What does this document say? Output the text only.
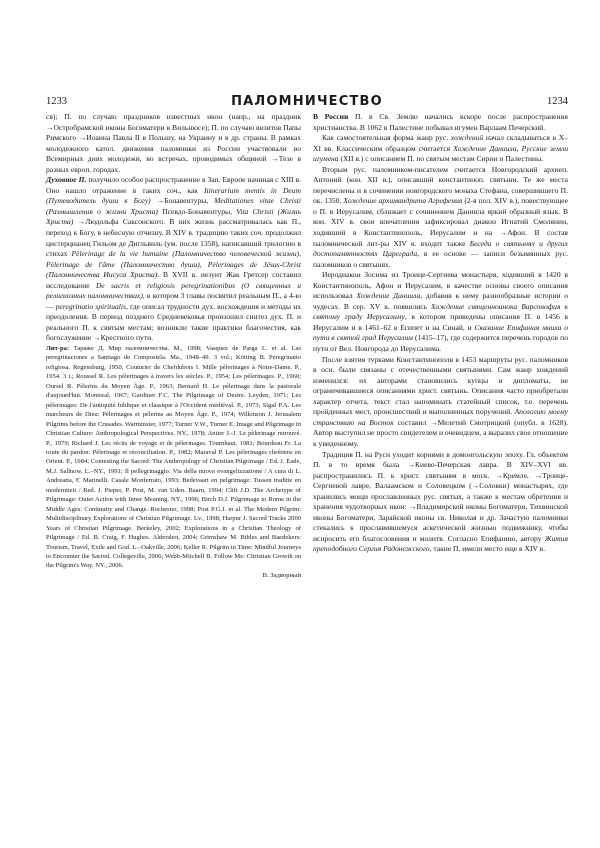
1233	ПАЛОМНИЧЕСТВО	1234

ся); П. по случаю праздников известных икон (напр., на праздник →Остробрамской иконы Богоматери в Вильнюсе); П. по случаю визитов Папы Римского →Иоанна Павла II в Польшу, на Украину и в др. страны. В рамках молодежного катол. движения паломники из России участвовали во Всемирных днях молодежи, во встречах, проводимых общиной →Тезе в разных европ. городах.

Духовное П. получило особое распространение в Зап. Европе начиная с XIII в. Оно нашло отражение в таких соч., как Itinerarium mentis in Deum (Путеводитель души к Богу) →Бонавентуры, Meditationes vitae Christi (Размышления о жизни Христа) Псевдо-Бонавентуры, Vita Christi (Жизнь Христа) →Людольфа Саксонского. В них жизнь рассматривалась как П., переход к Богу, в небесную отчизну. В XIV в. традицию таких соч. продолжил цистерцианец Гильом де Дигльвиль (ум. после 1358), написавший трилогию в стихах Pèlerinage de la vie humaine (Паломничество человеческой жизни), Pèlerinage de l'âme (Паломничество души), Pèlerinages de Jésus-Christ (Паломничества Иисуса Христа). В XVII в. иезуит Жак Гретсер составил исследование De sacris et religiosis peregrinationibus (О священных и религиозных паломничествах), в котором 3 главы посвятил реальным П., а 4-ю — peregrinatio spiritualis, где описал трудности дух. восхождения и методы их преодоления. В период позднего Средневековья произошел синтез дух. П. и реального П. к святым местам; возникли такие практики благочестия, как богослужение →Крестного пути.

Лит-ра: Тараже Д. Мир паломничества. М., 1998; Vasquez de Parga L. et al. Las peregrinaciones a Santiago de Compostela. Ma., 1948–49. 3 vol.; Kötting B. Peregrinatio religiosa. Regensburg, 1950; Couturier de Chefdubois I. Mille pèlerinages à Notre-Dame. P., 1954. 3 t.; Roussel R. Les pèlerinages à travers les siècles. P., 1954; Les pèlerinages. P., 1960; Oursel R. Pèlerins du Moyen Âge. P., 1963; Bernard H. Le pèlerinage dans la pastorale d'aujourd'hui. Montreal, 1967; Gardiner F.C. The Pilgrimage of Desire. Leyden, 1971; Les pèlerinages: De l'antiquité biblique et classique à l'Occident médiéval. P., 1973; Sigal P.A. Les marcheurs de Dieu: Pèlerinages et pèlerins au Moyen Âge. P., 1974; Wilkinson J. Jerusalem Pilgrims before the Crusades. Warminster, 1977; Turner V.W., Turner E. Image and Pilgrimage in Christian Culture: Anthropological Perspectives. NY., 1978; Antier J.-J. Le pèlerinage retrouvé. P., 1979; Richard J. Les récits de voyage et de pèlerinages. Tournhaut, 1981; Bourdeau Fr. La route du pardon: Pèlerinage et réconciliation. P., 1982; Maraval P. Les pèlerinages chrétiens en Orient. P., 1984; Contesting the Sacred: The Anthropology of Christian Pilgrimage / Ed. J. Eade, M.J. Sallnow. L.–NY., 1991; Il pellegrinaggio: Via della nuova evangelizzazione / A cura di L. Andreatta, F. Marinelli. Casale Monferrato, 1993; Bedevaart en pelgrimage: Tussen traditie en moderniteit / Red. J. Pieper, P. Post, M. van Uden. Baarn, 1994; Clift J.D. The Archetype of Pilgrimage: Outer Action with Inner Meaning. NY., 1996; Birch D.J. Pilgrimage to Rome in the Middle Ages: Continuity and Change. Rochester, 1998; Post P.G.J. et al. The Modern Pilgrim: Multidisciplinary Explorations of Christian Pilgrimage. Lv., 1998; Harpur J. Sacred Tracks 2000 Years of Christian Pilgrimage. Berkeley, 2002; Explorations in a Christian Theology of Pilgrimage / Ed. B. Craig, F. Hughes. Aldershot, 2004; Grimshaw M. Bibles and Baedekers: Tourism, Travel, Exile and God. L.–Oakville, 2006; Keller R. Pilgrim in Time: Mindful Journeys to Encounter the Sacred. Collegeville, 2006; Webb-Mitchell B. Follow Me: Christian Growth on the Pilgrim's Way. NY., 2006.

В. Задворный

В России П. в Св. Землю начались вскоре после распространения христианства. В 1062 в Палестине побывал игумен Варлаам Печерский.

Как самостоятельная форма жанр рус. хождений начал складываться в X–XI вв. Классическим образцом считается Хождение Даниила, Русские земли игумена (XII в.) с описанием П. по святым местам Сирии и Палестины.

Вторым рус. паломником-писателем считается Новгородский архиеп. Антоний (кон. XII в.), описавший константиноп. святыни. Те же места перечислены и в сочинении новгородского монаха Стефана, совершившего П. ок. 1350. Хождение архимандрита Агрефения (2-я пол. XIV в.), повествующее о П. в Иерусалим, сближает с сочинением Даниила яркий образный язык. В кон. XIV в. свои впечатления зафиксировал диакон Игнатий Смолянин, ходивший в Константинополь, Иерусалим и на →Афон. В состав паломнической лит-ры XIV в. входит также Беседа о святынях и других достопамятностях Цареграда, в ее основе — записи безымянных рус. паломников о святынях.

Иеродиакон Зосима из Троице-Сергиева монастыря, ходивший в 1420 в Константинополь, Афон и Иерусалим, в качестве основы своего описания использовал Хождение Даниила, добавив к нему разнообразные истории о чудесах. В сер. XV в. появились Хождение священноинока Варсонофия к святому граду Иерусалиму, в котором приведены описания П. в 1456 в Иерусалим и в 1461–62 в Египет и на Синай, и Сказание Епифания мниха о пути в святой град Иерусалим (1415–17), где содержится перечень городов по пути от Вел. Новгорода до Иерусалима.

После взятия турками Константинополя в 1453 маршруты рус. паломников в осн. были связаны с отечественными святынями. Сам жанр хождений изменился: их авторами становились купцы и дипломаты, не ограничивавшиеся описаниями христ. святынь. Описания часто приобретали характер отчета, текст стал напоминать статейный список, т.е. перечень пройденных мест, происшествий и выполненных поручений. Апологию моему странствию на Восток составил →Мелетий Смотрицкий (опубл. в 1628). Автор выступил не просто свидетелем и очевидцем, а выразил свое отношение к увиденному.

Традиция П. на Руси уходит корнями в домонгольскую эпоху. Гл. объектом П. в то время была →Киево-Печерская лавра. В XIV–XVI вв. распространились П. к христ. святыням в моск. →Кремле, →Троице-Сергиевой лавре, Валаамском и Соловецком (→Соловки) монастырях, где хранились мощи прославленных рус. святых, а также к местам обретения и хранения чудотворных икон: →Владимирской иконы Богоматери, Тихвинской иконы Богоматери, Зарайской иконы св. Николая и др. Зачастую паломники стекались к прославившемуся аскетической жизнью подвижнику, чтобы испросить его благословения и молитв. Согласно Епифанию, автору Жития преподобного Сергия Радонежского, такие П. имели место еще в XIV в.
